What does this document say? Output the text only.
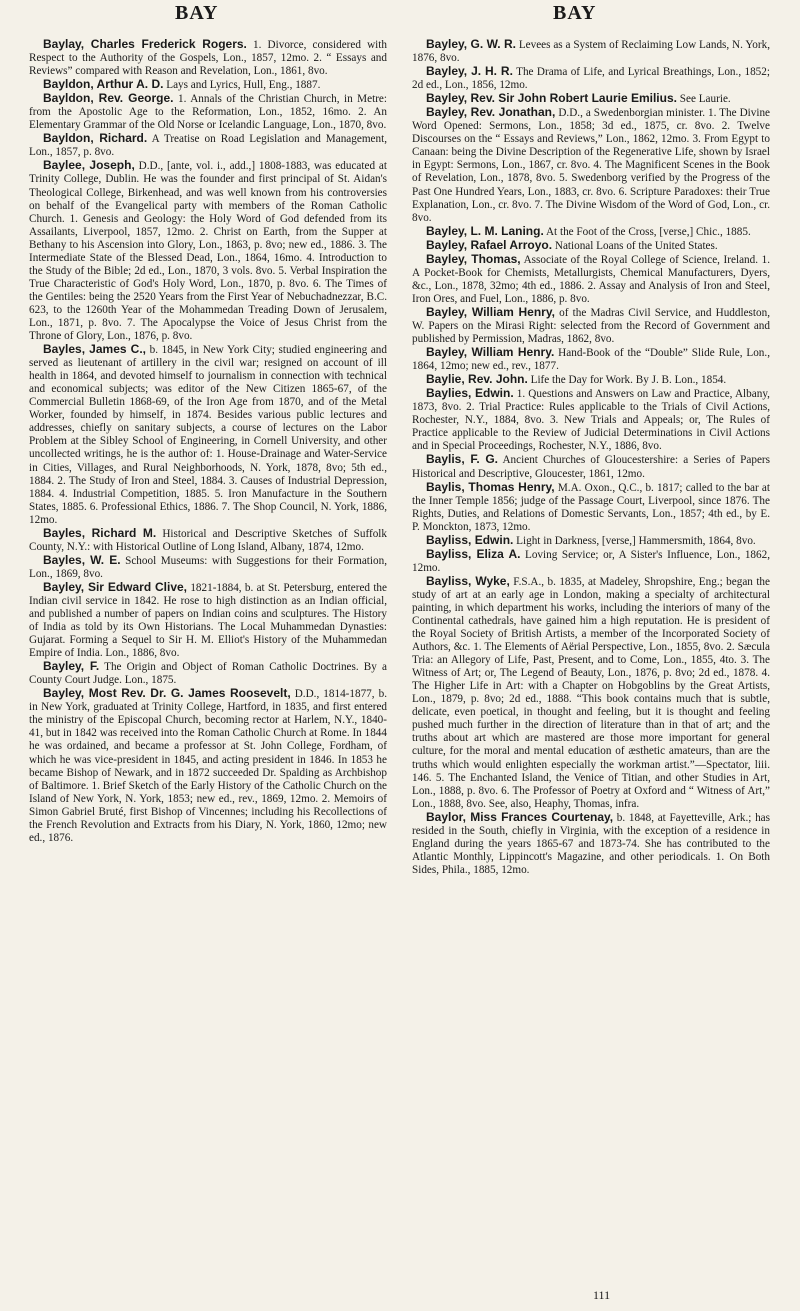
BAY	BAY

Baylay, Charles Frederick Rogers. 1. Divorce, considered with Respect to the Authority of the Gospels, Lon., 1857, 12mo. 2. “ Essays and Reviews” compared with Reason and Revelation, Lon., 1861, 8vo.

Bayldon, Arthur A. D. Lays and Lyrics, Hull, Eng., 1887.

Bayldon, Rev. George. 1. Annals of the Christian Church, in Metre: from the Apostolic Age to the Reformation, Lon., 1852, 16mo. 2. An Elementary Grammar of the Old Norse or Icelandic Language, Lon., 1870, 8vo.

Bayldon, Richard. A Treatise on Road Legislation and Management, Lon., 1857, p. 8vo.

Baylee, Joseph, D.D., [ante, vol. i., add.,] 1808-1883, was educated at Trinity College, Dublin. He was the founder and first principal of St. Aidan's Theological College, Birkenhead, and was well known from his controversies on behalf of the Evangelical party with members of the Roman Catholic Church. 1. Genesis and Geology: the Holy Word of God defended from its Assailants, Liverpool, 1857, 12mo. 2. Christ on Earth, from the Supper at Bethany to his Ascension into Glory, Lon., 1863, p. 8vo; new ed., 1886. 3. The Intermediate State of the Blessed Dead, Lon., 1864, 16mo. 4. Introduction to the Study of the Bible; 2d ed., Lon., 1870, 3 vols. 8vo. 5. Verbal Inspiration the True Characteristic of God's Holy Word, Lon., 1870, p. 8vo. 6. The Times of the Gentiles: being the 2520 Years from the First Year of Nebuchadnezzar, B.C. 623, to the 1260th Year of the Mohammedan Treading Down of Jerusalem, Lon., 1871, p. 8vo. 7. The Apocalypse the Voice of Jesus Christ from the Throne of Glory, Lon., 1876, p. 8vo.

Bayles, James C., b. 1845, in New York City; studied engineering and served as lieutenant of artillery in the civil war; resigned on account of ill health in 1864, and devoted himself to journalism in connection with technical and economical subjects; was editor of the New Citizen 1865-67, of the Commercial Bulletin 1868-69, of the Iron Age from 1870, and of the Metal Worker, founded by himself, in 1874. Besides various public lectures and addresses, chiefly on sanitary subjects, a course of lectures on the Labor Problem at the Sibley School of Engineering, in Cornell University, and other uncollected writings, he is the author of: 1. House-Drainage and Water-Service in Cities, Villages, and Rural Neighborhoods, N. York, 1878, 8vo; 5th ed., 1884. 2. The Study of Iron and Steel, 1884. 3. Causes of Industrial Depression, 1884. 4. Industrial Competition, 1885. 5. Iron Manufacture in the Southern States, 1885. 6. Professional Ethics, 1886. 7. The Shop Council, N. York, 1886, 12mo.

Bayles, Richard M. Historical and Descriptive Sketches of Suffolk County, N.Y.: with Historical Outline of Long Island, Albany, 1874, 12mo.

Bayles, W. E. School Museums: with Suggestions for their Formation, Lon., 1869, 8vo.

Bayley, Sir Edward Clive, 1821-1884, b. at St. Petersburg, entered the Indian civil service in 1842. He rose to high distinction as an Indian official, and published a number of papers on Indian coins and sculptures. The History of India as told by its Own Historians. The Local Muhammedan Dynasties: Gujarat. Forming a Sequel to Sir H. M. Elliot's History of the Muhammedan Empire of India. Lon., 1886, 8vo.

Bayley, F. The Origin and Object of Roman Catholic Doctrines. By a County Court Judge. Lon., 1875.

Bayley, Most Rev. Dr. G. James Roosevelt, D.D., 1814-1877, b. in New York, graduated at Trinity College, Hartford, in 1835, and first entered the ministry of the Episcopal Church, becoming rector at Harlem, N.Y., 1840-41, but in 1842 was received into the Roman Catholic Church at Rome. In 1844 he was ordained, and became a professor at St. John College, Fordham, of which he was vice-president in 1845, and acting president in 1846. In 1853 he became Bishop of Newark, and in 1872 succeeded Dr. Spalding as Archbishop of Baltimore. 1. Brief Sketch of the Early History of the Catholic Church on the Island of New York, N. York, 1853; new ed., rev., 1869, 12mo. 2. Memoirs of Simon Gabriel Bruté, first Bishop of Vincennes; including his Recollections of the French Revolution and Extracts from his Diary, N. York, 1860, 12mo; new ed., 1876.

Bayley, G. W. R. Levees as a System of Reclaiming Low Lands, N. York, 1876, 8vo.

Bayley, J. H. R. The Drama of Life, and Lyrical Breathings, Lon., 1852; 2d ed., Lon., 1856, 12mo.

Bayley, Rev. Sir John Robert Laurie Emilius. See Laurie.

Bayley, Rev. Jonathan, D.D., a Swedenborgian minister. 1. The Divine Word Opened: Sermons, Lon., 1858; 3d ed., 1875, cr. 8vo. 2. Twelve Discourses on the “ Essays and Reviews,” Lon., 1862, 12mo. 3. From Egypt to Canaan: being the Divine Description of the Regenerative Life, shown by Israel in Egypt: Sermons, Lon., 1867, cr. 8vo. 4. The Magnificent Scenes in the Book of Revelation, Lon., 1878, 8vo. 5. Swedenborg verified by the Progress of the Past One Hundred Years, Lon., 1883, cr. 8vo. 6. Scripture Paradoxes: their True Explanation, Lon., cr. 8vo. 7. The Divine Wisdom of the Word of God, Lon., cr. 8vo.

Bayley, L. M. Laning. At the Foot of the Cross, [verse,] Chic., 1885.

Bayley, Rafael Arroyo. National Loans of the United States.

Bayley, Thomas, Associate of the Royal College of Science, Ireland. 1. A Pocket-Book for Chemists, Metallurgists, Chemical Manufacturers, Dyers, &c., Lon., 1878, 32mo; 4th ed., 1886. 2. Assay and Analysis of Iron and Steel, Iron Ores, and Fuel, Lon., 1886, p. 8vo.

Bayley, William Henry, of the Madras Civil Service, and Huddleston, W. Papers on the Mirasi Right: selected from the Record of Government and published by Permission, Madras, 1862, 8vo.

Bayley, William Henry. Hand-Book of the “Double” Slide Rule, Lon., 1864, 12mo; new ed., rev., 1877.

Baylie, Rev. John. Life the Day for Work. By J. B. Lon., 1854.

Baylies, Edwin. 1. Questions and Answers on Law and Practice, Albany, 1873, 8vo. 2. Trial Practice: Rules applicable to the Trials of Civil Actions, Rochester, N.Y., 1884, 8vo. 3. New Trials and Appeals; or, The Rules of Practice applicable to the Review of Judicial Determinations in Civil Actions and in Special Proceedings, Rochester, N.Y., 1886, 8vo.

Baylis, F. G. Ancient Churches of Gloucestershire: a Series of Papers Historical and Descriptive, Gloucester, 1861, 12mo.

Baylis, Thomas Henry, M.A. Oxon., Q.C., b. 1817; called to the bar at the Inner Temple 1856; judge of the Passage Court, Liverpool, since 1876. The Rights, Duties, and Relations of Domestic Servants, Lon., 1857; 4th ed., by E. P. Monckton, 1873, 12mo.

Bayliss, Edwin. Light in Darkness, [verse,] Hammersmith, 1864, 8vo.

Bayliss, Eliza A. Loving Service; or, A Sister's Influence, Lon., 1862, 12mo.

Bayliss, Wyke, F.S.A., b. 1835, at Madeley, Shropshire, Eng.; began the study of art at an early age in London, making a specialty of architectural painting, in which department his works, including the interiors of many of the Continental cathedrals, have gained him a high reputation. He is president of the Royal Society of British Artists, a member of the Incorporated Society of Authors, &c. 1. The Elements of Aërial Perspective, Lon., 1855, 8vo. 2. Sæcula Tria: an Allegory of Life, Past, Present, and to Come, Lon., 1855, 4to. 3. The Witness of Art; or, The Legend of Beauty, Lon., 1876, p. 8vo; 2d ed., 1878. 4. The Higher Life in Art: with a Chapter on Hobgoblins by the Great Artists, Lon., 1879, p. 8vo; 2d ed., 1888. “This book contains much that is subtle, delicate, even poetical, in thought and feeling, but it is thought and feeling pushed much further in the direction of literature than in that of art; and the truths about art which are mastered are those more important for general culture, for the moral and mental education of æsthetic amateurs, than are the truths which would enlighten especially the workman artist.”—Spectator, liii. 146. 5. The Enchanted Island, the Venice of Titian, and other Studies in Art, Lon., 1888, p. 8vo. 6. The Professor of Poetry at Oxford and “ Witness of Art,” Lon., 1888, 8vo. See, also, Heaphy, Thomas, infra.

Baylor, Miss Frances Courtenay, b. 1848, at Fayetteville, Ark.; has resided in the South, chiefly in Virginia, with the exception of a residence in England during the years 1865-67 and 1873-74. She has contributed to the Atlantic Monthly, Lippincott's Magazine, and other periodicals. 1. On Both Sides, Phila., 1885, 12mo.

111
